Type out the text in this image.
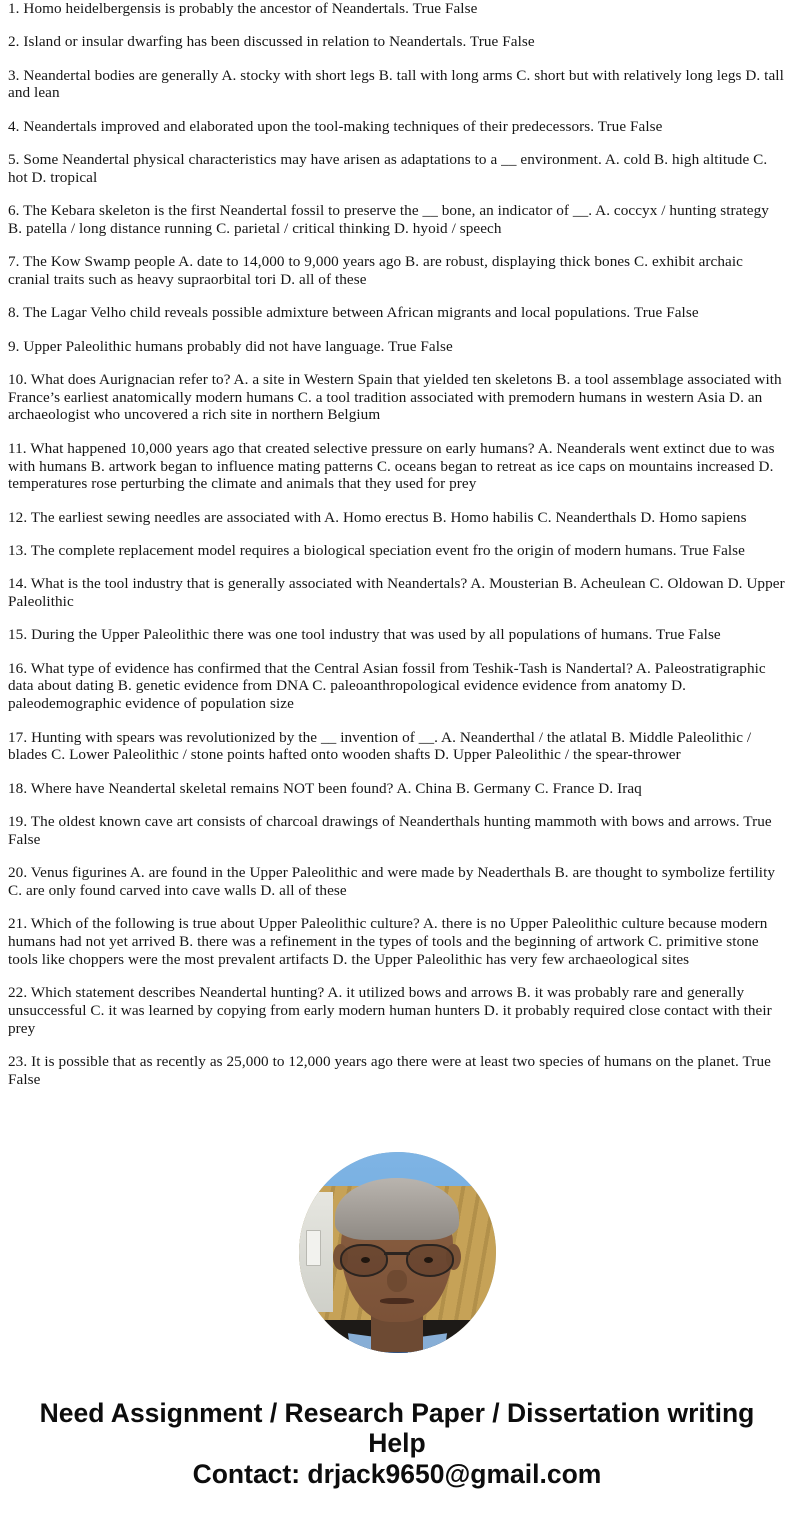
1. Homo heidelbergensis is probably the ancestor of Neandertals. True False

2. Island or insular dwarfing has been discussed in relation to Neandertals. True False

3. Neandertal bodies are generally A. stocky with short legs B. tall with long arms C. short but with relatively long legs D. tall and lean

4. Neandertals improved and elaborated upon the tool-making techniques of their predecessors. True False

5. Some Neandertal physical characteristics may have arisen as adaptations to a __ environment. A. cold B. high altitude C. hot D. tropical

6. The Kebara skeleton is the first Neandertal fossil to preserve the __ bone, an indicator of __. A. coccyx / hunting strategy B. patella / long distance running C. parietal / critical thinking D. hyoid / speech

7. The Kow Swamp people A. date to 14,000 to 9,000 years ago B. are robust, displaying thick bones C. exhibit archaic cranial traits such as heavy supraorbital tori D. all of these

8. The Lagar Velho child reveals possible admixture between African migrants and local populations. True False

9. Upper Paleolithic humans probably did not have language. True False

10. What does Aurignacian refer to? A. a site in Western Spain that yielded ten skeletons B. a tool assemblage associated with France’s earliest anatomically modern humans C. a tool tradition associated with premodern humans in western Asia D. an archaeologist who uncovered a rich site in northern Belgium

11. What happened 10,000 years ago that created selective pressure on early humans? A. Neanderals went extinct due to was with humans B. artwork began to influence mating patterns C. oceans began to retreat as ice caps on mountains increased D. temperatures rose perturbing the climate and animals that they used for prey

12. The earliest sewing needles are associated with A. Homo erectus B. Homo habilis C. Neanderthals D. Homo sapiens

13. The complete replacement model requires a biological speciation event fro the origin of modern humans. True False

14. What is the tool industry that is generally associated with Neandertals? A. Mousterian B. Acheulean C. Oldowan D. Upper Paleolithic

15. During the Upper Paleolithic there was one tool industry that was used by all populations of humans. True False

16. What type of evidence has confirmed that the Central Asian fossil from Teshik-Tash is Nandertal? A. Paleostratigraphic data about dating B. genetic evidence from DNA C. paleoanthropological evidence evidence from anatomy D. paleodemographic evidence of population size

17. Hunting with spears was revolutionized by the __ invention of __. A. Neanderthal / the atlatal B. Middle Paleolithic / blades C. Lower Paleolithic / stone points hafted onto wooden shafts D. Upper Paleolithic / the spear-thrower

18. Where have Neandertal skeletal remains NOT been found? A. China B. Germany C. France D. Iraq

19. The oldest known cave art consists of charcoal drawings of Neanderthals hunting mammoth with bows and arrows. True False

20. Venus figurines A. are found in the Upper Paleolithic and were made by Neaderthals B. are thought to symbolize fertility C. are only found carved into cave walls D. all of these

21. Which of the following is true about Upper Paleolithic culture? A. there is no Upper Paleolithic culture because modern humans had not yet arrived B. there was a refinement in the types of tools and the beginning of artwork C. primitive stone tools like choppers were the most prevalent artifacts D. the Upper Paleolithic has very few archaeological sites

22. Which statement describes Neandertal hunting? A. it utilized bows and arrows B. it was probably rare and generally unsuccessful C. it was learned by copying from early modern human hunters D. it probably required close contact with their prey

23. It is possible that as recently as 25,000 to 12,000 years ago there were at least two species of humans on the planet. True False

Need Assignment / Research Paper / Dissertation writing Help
Contact: drjack9650@gmail.com
